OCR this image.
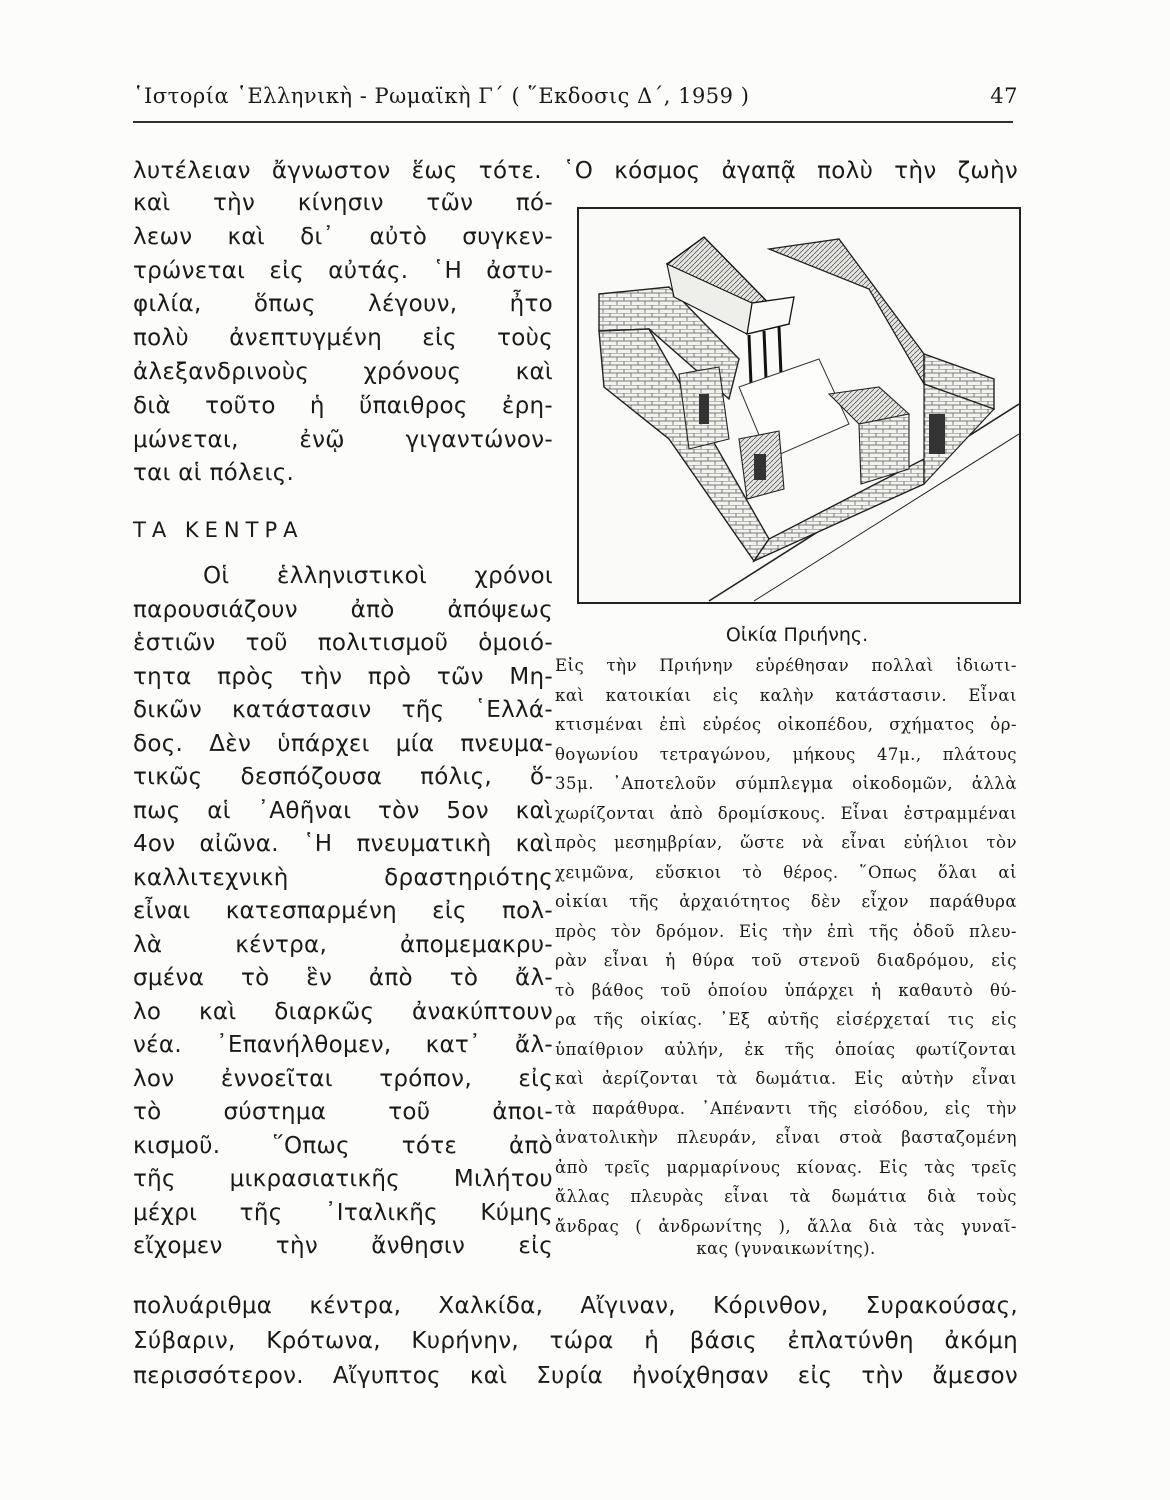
῾Ιστορία ῾Ελληνικὴ - Ρωμαϊκὴ Γ΄ ( ῞Εκδοσις Δ΄, 1959 )	47
λυτέλειαν ἄγνωστον ἕως τότε. ῾Ο κόσμος ἀγαπᾷ πολὺ τὴν ζωὴν
καὶ τὴν κίνησιν τῶν πό-
λεων καὶ δι᾽ αὐτὸ συγκεν-
τρώνεται εἰς αὐτάς. ῾Η ἀστυ-
φιλία, ὅπως λέγουν, ἦτο
πολὺ ἀνεπτυγμένη εἰς τοὺς
ἀλεξανδρινοὺς χρόνους καὶ
διὰ τοῦτο ἡ ὕπαιθρος ἐρη-
μώνεται, ἐνῷ γιγαντώνον-
ται αἱ πόλεις.
ΤΑ ΚΕΝΤΡΑ
Οἱ ἑλληνιστικοὶ χρόνοι
παρουσιάζουν ἀπὸ ἀπόψεως
ἑστιῶν τοῦ πολιτισμοῦ ὁμοιό-
τητα πρὸς τὴν πρὸ τῶν Μη-
δικῶν κατάστασιν τῆς ῾Ελλά-
δος. Δὲν ὑπάρχει μία πνευμα-
τικῶς δεσπόζουσα πόλις, ὅ-
πως αἱ ᾽Αθῆναι τὸν 5ον καὶ
4ον αἰῶνα. ῾Η πνευματικὴ καὶ
καλλιτεχνικὴ δραστηριότης
εἶναι κατεσπαρμένη εἰς πολ-
λὰ κέντρα, ἀπομεμακρυ-
σμένα τὸ ἓν ἀπὸ τὸ ἄλ-
λο καὶ διαρκῶς ἀνακύπτουν
νέα. ᾽Επανήλθομεν, κατ᾽ ἄλ-
λον ἐννοεῖται τρόπον, εἰς
τὸ σύστημα τοῦ ἀποι-
κισμοῦ. ῞Οπως τότε ἀπὸ
τῆς μικρασιατικῆς Μιλήτου
μέχρι τῆς ᾽Ιταλικῆς Κύμης
εἴχομεν τὴν ἄνθησιν εἰς
πολυάριθμα κέντρα, Χαλκίδα, Αἴγιναν, Κόρινθον, Συρακούσας,
Σύβαριν, Κρότωνα, Κυρήνην, τώρα ἡ βάσις ἐπλατύνθη ἀκόμη
περισσότερον. Αἴγυπτος καὶ Συρία ἠνοίχθησαν εἰς τὴν ἄμεσον
Οἰκία Πριήνης.
Εἰς τὴν Πριήνην εὑρέθησαν πολλαὶ ἰδιωτι-
καὶ κατοικίαι εἰς καλὴν κατάστασιν. Εἶναι
κτισμέναι ἐπὶ εὐρέος οἰκοπέδου, σχήματος ὀρ-
θογωνίου τετραγώνου, μήκους 47μ., πλάτους
35μ. ᾽Αποτελοῦν σύμπλεγμα οἰκοδομῶν, ἀλλὰ
χωρίζονται ἀπὸ δρομίσκους. Εἶναι ἐστραμμέναι
πρὸς μεσημβρίαν, ὥστε νὰ εἶναι εὐήλιοι τὸν
χειμῶνα, εὔσκιοι τὸ θέρος. ῞Οπως ὅλαι αἱ
οἰκίαι τῆς ἀρχαιότητος δὲν εἶχον παράθυρα
πρὸς τὸν δρόμον. Εἰς τὴν ἐπὶ τῆς ὁδοῦ πλευ-
ρὰν εἶναι ἡ θύρα τοῦ στενοῦ διαδρόμου, εἰς
τὸ βάθος τοῦ ὁποίου ὑπάρχει ἡ καθαυτὸ θύ-
ρα τῆς οἰκίας. ᾽Εξ αὐτῆς εἰσέρχεταί τις εἰς
ὑπαίθριον αὐλήν, ἐκ τῆς ὁποίας φωτίζονται
καὶ ἀερίζονται τὰ δωμάτια. Εἰς αὐτὴν εἶναι
τὰ παράθυρα. ᾽Απέναντι τῆς εἰσόδου, εἰς τὴν
ἀνατολικὴν πλευράν, εἶναι στοὰ βασταζομένη
ἀπὸ τρεῖς μαρμαρίνους κίονας. Εἰς τὰς τρεῖς
ἄλλας πλευρὰς εἶναι τὰ δωμάτια διὰ τοὺς
ἄνδρας ( ἀνδρωνίτης ), ἄλλα διὰ τὰς γυναῖ-
κας (γυναικωνίτης).
